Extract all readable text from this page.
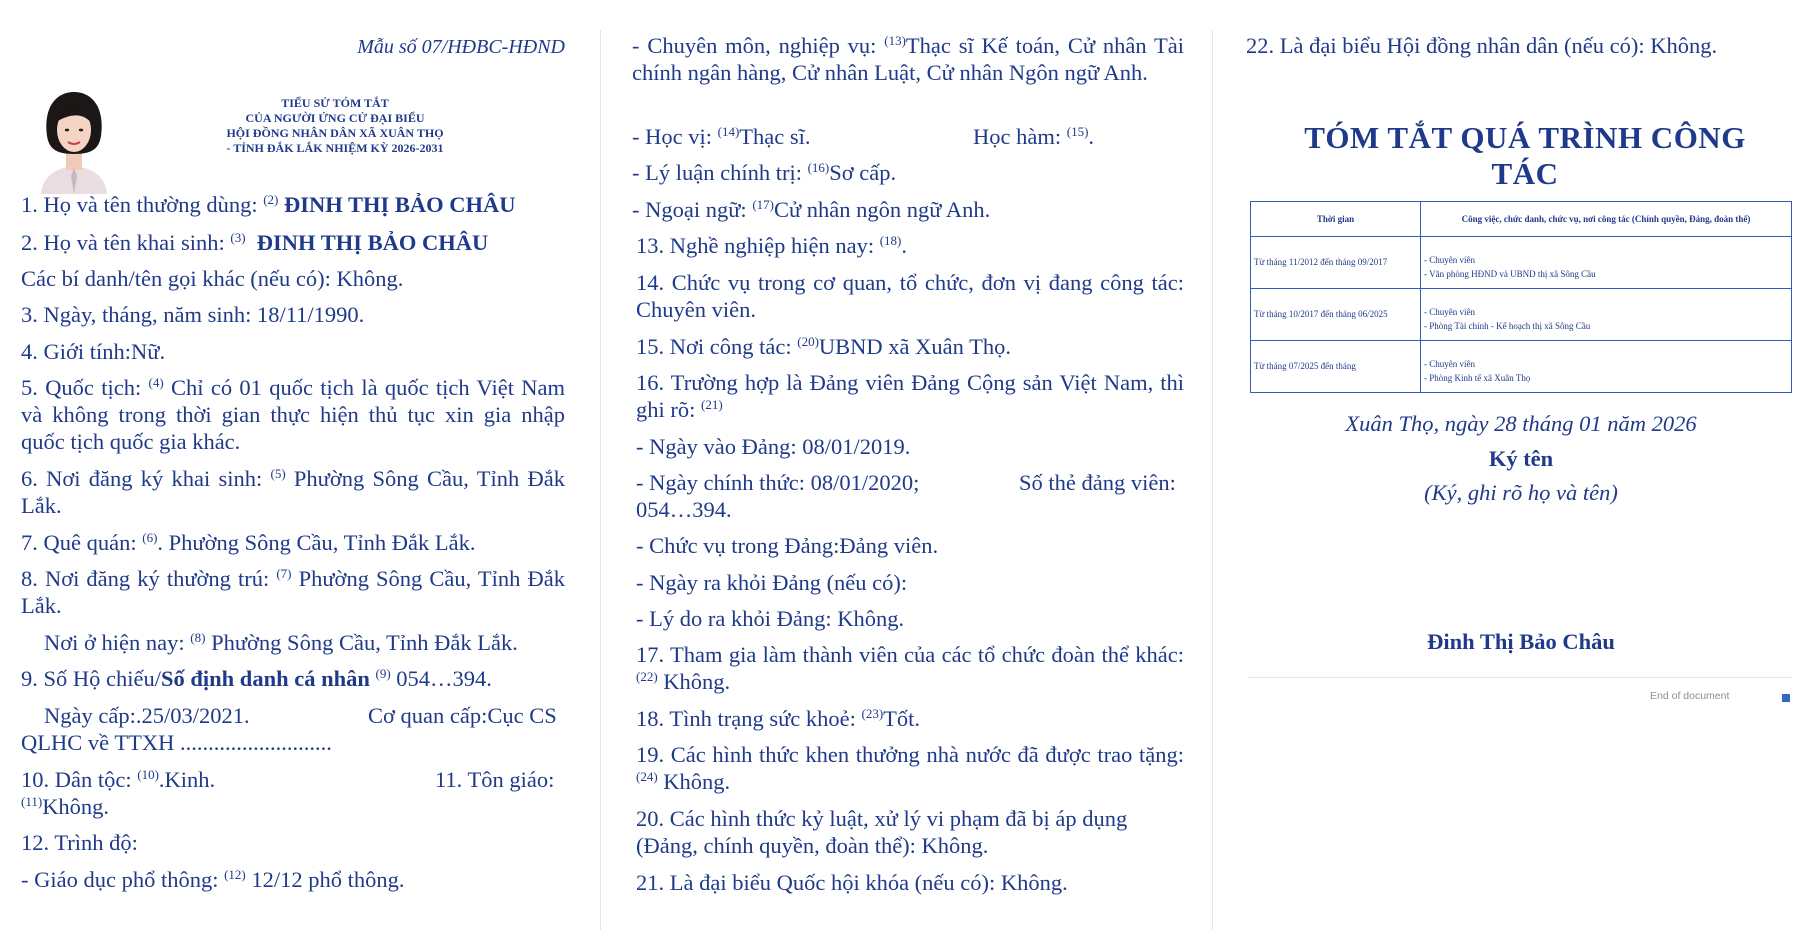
Mẫu số 07/HĐBC-HĐND
TIỂU SỬ TÓM TẮT
CỦA NGƯỜI ỨNG CỬ ĐẠI BIỂU
HỘI ĐỒNG NHÂN DÂN XÃ XUÂN THỌ
- TỈNH ĐẮK LẮK NHIỆM KỲ 2026-2031

1. Họ và tên thường dùng: $^{(2)}$ ĐINH THỊ BẢO CHÂU

2. Họ và tên khai sinh: $^{(3)}$ ĐINH THỊ BẢO CHÂU

Các bí danh/tên gọi khác (nếu có): Không.

3. Ngày, tháng, năm sinh: 18/11/1990.

4. Giới tính:Nữ.

5. Quốc tịch: $^{(4)}$ Chỉ có 01 quốc tịch là quốc tịch Việt Nam và không trong thời gian thực hiện thủ tục xin gia nhập quốc tịch quốc gia khác.

6. Nơi đăng ký khai sinh: $^{(5)}$ Phường Sông Cầu, Tỉnh Đắk Lắk.

7. Quê quán: $^{(6)}$. Phường Sông Cầu, Tỉnh Đắk Lắk.

8. Nơi đăng ký thường trú: $^{(7)}$ Phường Sông Cầu, Tỉnh Đắk Lắk.

Nơi ở hiện nay: $^{(8)}$ Phường Sông Cầu, Tỉnh Đắk Lắk.

9. Số Hộ chiếu/Số định danh cá nhân $^{(9)}$ 054…394.

Ngày cấp:.25/03/2021.	Cơ quan cấp:Cục CS

QLHC về TTXH ...........................

10. Dân tộc: $^{(10)}$.Kinh.	11. Tôn giáo:

$^{(11)}$Không.

12. Trình độ:

- Giáo dục phổ thông: $^{(12)}$ 12/12 phổ thông.

- Chuyên môn, nghiệp vụ: $^{(13)}$Thạc sĩ Kế toán, Cử nhân Tài chính ngân hàng, Cử nhân Luật, Cử nhân Ngôn ngữ Anh.

- Học vị: $^{(14)}$Thạc sĩ.	Học hàm: $^{(15)}$.

- Lý luận chính trị: $^{(16)}$Sơ cấp.

- Ngoại ngữ: $^{(17)}$Cử nhân ngôn ngữ Anh.

13. Nghề nghiệp hiện nay: $^{(18)}$.

14. Chức vụ trong cơ quan, tổ chức, đơn vị đang công tác: Chuyên viên.

15. Nơi công tác: $^{(20)}$UBND xã Xuân Thọ.

16. Trường hợp là Đảng viên Đảng Cộng sản Việt Nam, thì ghi rõ: $^{(21)}$

- Ngày vào Đảng: 08/01/2019.

- Ngày chính thức: 08/01/2020;	Số thẻ đảng viên:

054…394.

- Chức vụ trong Đảng:Đảng viên.

- Ngày ra khỏi Đảng (nếu có):

- Lý do ra khỏi Đảng: Không.

17. Tham gia làm thành viên của các tổ chức đoàn thể khác: $^{(22)}$ Không.

18. Tình trạng sức khoẻ: $^{(23)}$Tốt.

19. Các hình thức khen thưởng nhà nước đã được trao tặng: $^{(24)}$ Không.

20. Các hình thức kỷ luật, xử lý vi phạm đã bị áp dụng (Đảng, chính quyền, đoàn thể): Không.

21. Là đại biểu Quốc hội khóa (nếu có): Không.

22. Là đại biểu Hội đồng nhân dân (nếu có): Không.

TÓM TẮT QUÁ TRÌNH CÔNG TÁC
Thời gian	Công việc, chức danh, chức vụ, nơi công tác (Chính quyền, Đảng, đoàn thể)
Từ tháng 11/2012 đến tháng 09/2017	- Chuyên viên
- Văn phòng HĐND và UBND thị xã Sông Cầu

Từ tháng 10/2017 đến tháng 06/2025	- Chuyên viên
- Phòng Tài chính - Kế hoạch thị xã Sông Cầu

Từ tháng 07/2025 đến tháng	- Chuyên viên
- Phòng Kinh tế xã Xuân Thọ
Xuân Thọ, ngày 28 tháng 01 năm 2026
Ký tên
(Ký, ghi rõ họ và tên)
Đinh Thị Bảo Châu
End of document
